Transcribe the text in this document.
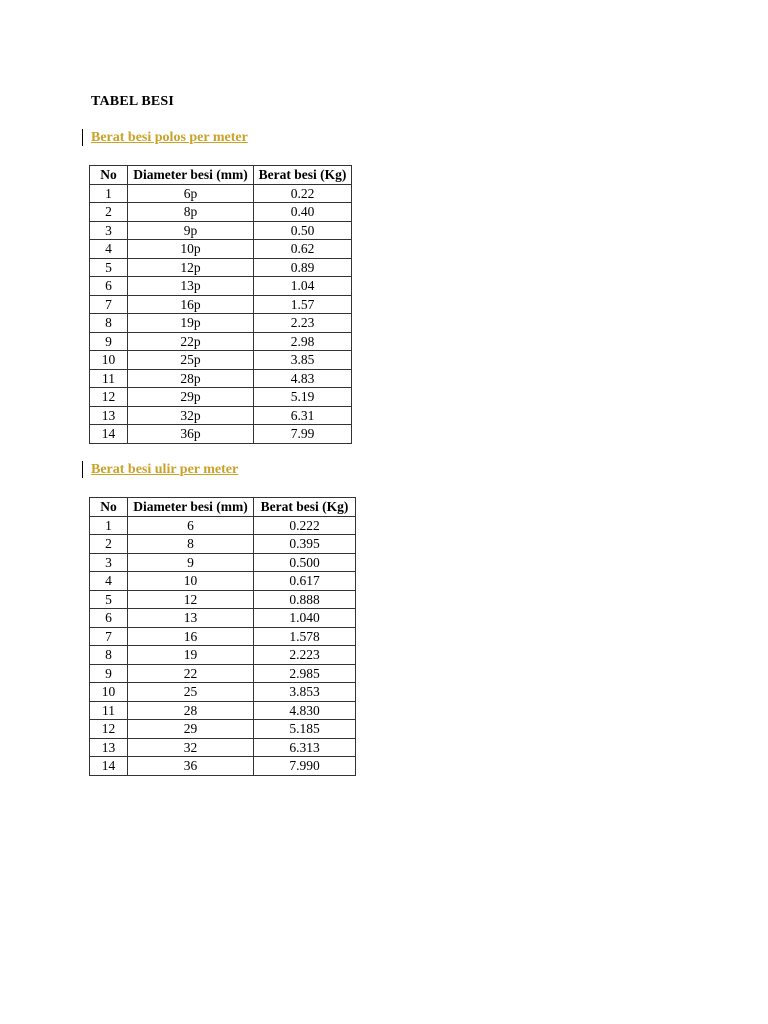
TABEL BESI
Berat besi polos per meter
No	Diameter besi (mm)	Berat besi (Kg)
1	6p	0.22
2	8p	0.40
3	9p	0.50
4	10p	0.62
5	12p	0.89
6	13p	1.04
7	16p	1.57
8	19p	2.23
9	22p	2.98
10	25p	3.85
11	28p	4.83
12	29p	5.19
13	32p	6.31
14	36p	7.99
Berat besi ulir per meter
No	Diameter besi (mm)	Berat besi (Kg)
1	6	0.222
2	8	0.395
3	9	0.500
4	10	0.617
5	12	0.888
6	13	1.040
7	16	1.578
8	19	2.223
9	22	2.985
10	25	3.853
11	28	4.830
12	29	5.185
13	32	6.313
14	36	7.990
